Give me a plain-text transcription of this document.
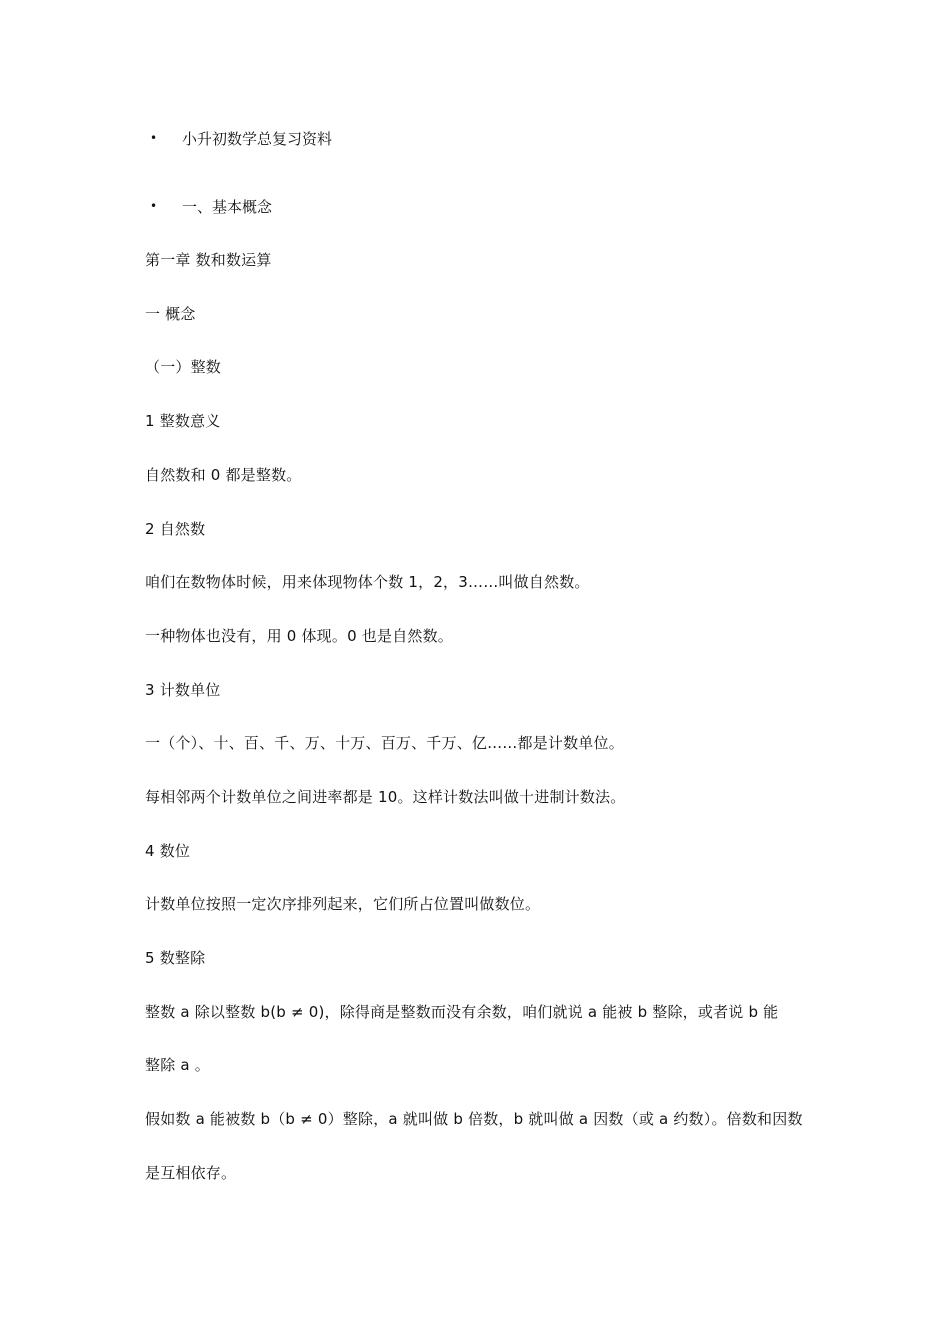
• 小升初数学总复习资料
• 一、基本概念
第一章 数和数运算
一 概念
（一）整数
1 整数意义
自然数和 0 都是整数。
2 自然数
咱们在数物体时候，用来体现物体个数 1，2，3……叫做自然数。
一种物体也没有，用 0 体现。0 也是自然数。
3 计数单位
一（个）、十、百、千、万、十万、百万、千万、亿……都是计数单位。
每相邻两个计数单位之间进率都是 10。这样计数法叫做十进制计数法。
4 数位
计数单位按照一定次序排列起来，它们所占位置叫做数位。
5 数整除
整数 a 除以整数 b(b ≠ 0)，除得商是整数而没有余数，咱们就说 a 能被 b 整除，或者说 b 能
整除 a 。
假如数 a 能被数 b（b ≠ 0）整除，a 就叫做 b 倍数，b 就叫做 a 因数（或 a 约数）。倍数和因数
是互相依存。
